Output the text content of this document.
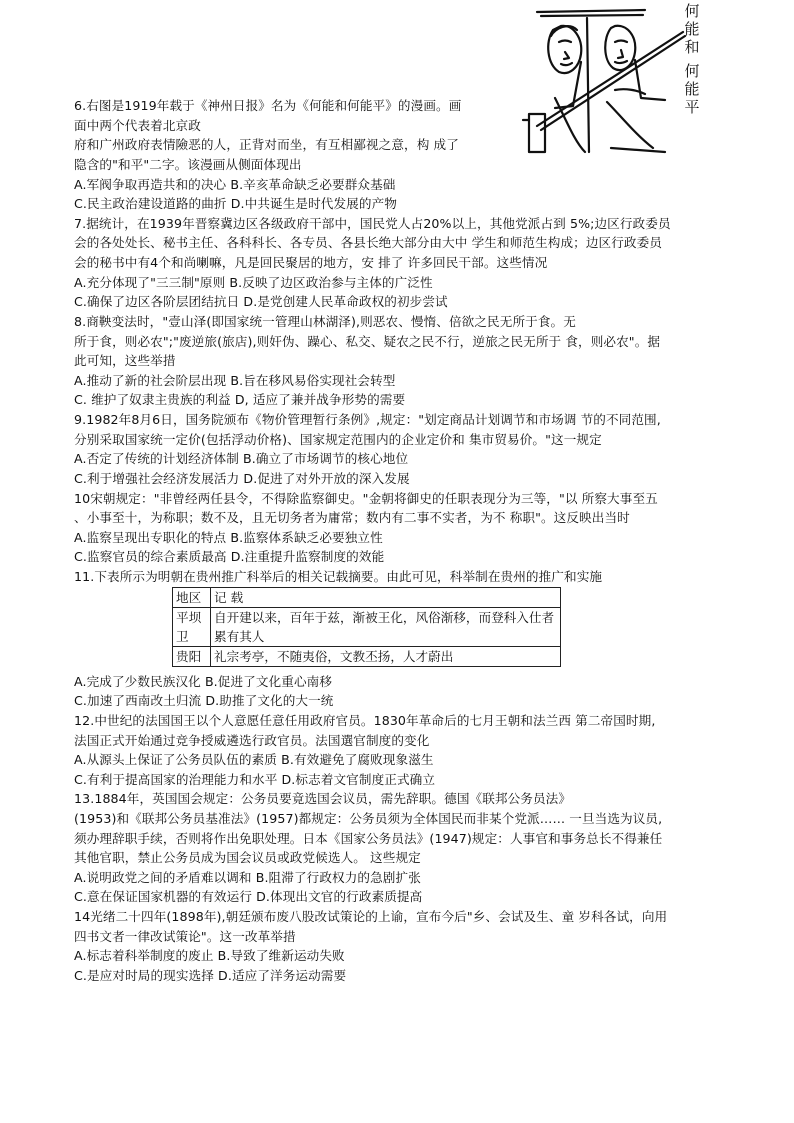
何
能
和
何
能
平
6.右图是1919年载于《神州日报》名为《何能和何能平》的漫画。画
面中两个代表着北京政
府和广州政府表情險恶的人，正背对而坐，有互相鄙视之意，构 成了
隐含的"和平"二字。该漫画从侧面体现出
A.军阀争取再造共和的决心 B.辛亥革命缺乏必要群众基础
C.民主政治建设道路的曲折 D.中共诞生是时代发展的产物
7.据统计，在1939年晋察冀边区各级政府干部中，国民党人占20%以上，其他党派占到 5%;边区行政委员
会的各处处长、秘书主任、各科科长、各专员、各县长绝大部分由大中 学生和师范生构成；边区行政委员
会的秘书中有4个和尚喇嘛，凡是回民聚居的地方，安 排了 许多回民干部。这些情况
A.充分体现了"三三制"原则 B.反映了边区政治参与主体的广泛性
C.确保了边区各阶层团结抗日 D.是党创建人民革命政权的初步尝试
8.商鞅变法时，"壹山泽(即国家统一管理山林湖泽),则恶农、慢惰、倍欲之民无所于食。无
所于食，则必农";"废逆旅(旅店),则奸伪、躁心、私交、疑农之民不行，逆旅之民无所于 食，则必农"。据
此可知，这些举措
A.推动了新的社会阶层出现 B.旨在移风易俗实现社会转型
C. 维护了奴隶主贵族的利益 D, 适应了兼并战争形势的需要
9.1982年8月6日，国务院颁布《物价管理暂行条例》,规定："划定商品计划调节和市场调 节的不同范围,
分别采取国家统一定价(包括浮动价格)、国家规定范围内的企业定价和 集市贸易价。"这一规定
A.否定了传统的计划经济体制 B.确立了市场调节的核心地位
C.利于增强社会经济发展活力 D.促进了对外开放的深入发展
10宋朝规定："非曾经两任县令，不得除监察御史。"金朝将御史的任职表现分为三等，"以 所察大事至五
、小事至十，为称职；数不及，且无切务者为庸常；数内有二事不实者，为不 称职"。这反映出当时
A.监察呈现出专职化的特点 B.监察体系缺乏必要独立性
C.监察官员的综合素质最高 D.注重提升监察制度的效能
11.下表所示为明朝在贵州推广科举后的相关记载摘要。由此可见，科举制在贵州的推广和实施
地区	记 载
平坝卫	自开建以来，百年于兹，渐被王化，风俗渐移，而登科入仕者累有其人
贵阳	礼宗考亭，不随夷俗，文教丕扬，人才蔚出
A.完成了少数民族汉化 B.促进了文化重心南移
C.加速了西南改土归流 D.助推了文化的大一统
12.中世纪的法国国王以个人意愿任意任用政府官员。1830年革命后的七月王朝和法兰西 第二帝国时期,
法国正式开始通过竞争授威遴选行政官员。法国選官制度的变化
A.从源头上保证了公务员队伍的素质 B.有效避免了腐败现象滋生
C.有利于提高国家的治理能力和水平 D.标志着文官制度正式确立
13.1884年，英国国会规定：公务员要竟选国会议员，需先辞职。德国《联邦公务员法》
(1953)和《联邦公务员基准法》(1957)都规定：公务员须为全体国民而非某个党派…… 一旦当选为议员,
须办理辞职手续，否则将作出免职处理。日本《国家公务员法》(1947)规定：人事官和事务总长不得兼任
其他官职，禁止公务员成为国会议员或政党候选人。 这些规定
A.说明政党之间的矛盾难以调和 B.阻滞了行政权力的急剧扩张
C.意在保证国家机器的有效运行 D.体现出文官的行政素质提高
14光绪二十四年(1898年),朝廷颁布废八股改试策论的上谕，宣布今后"乡、会试及生、童 岁科各试，向用
四书文者一律改试策论"。这一改革举措
A.标志着科举制度的废止 B.导致了维新运动失败
C.是应对时局的现实选择 D.适应了洋务运动需要
